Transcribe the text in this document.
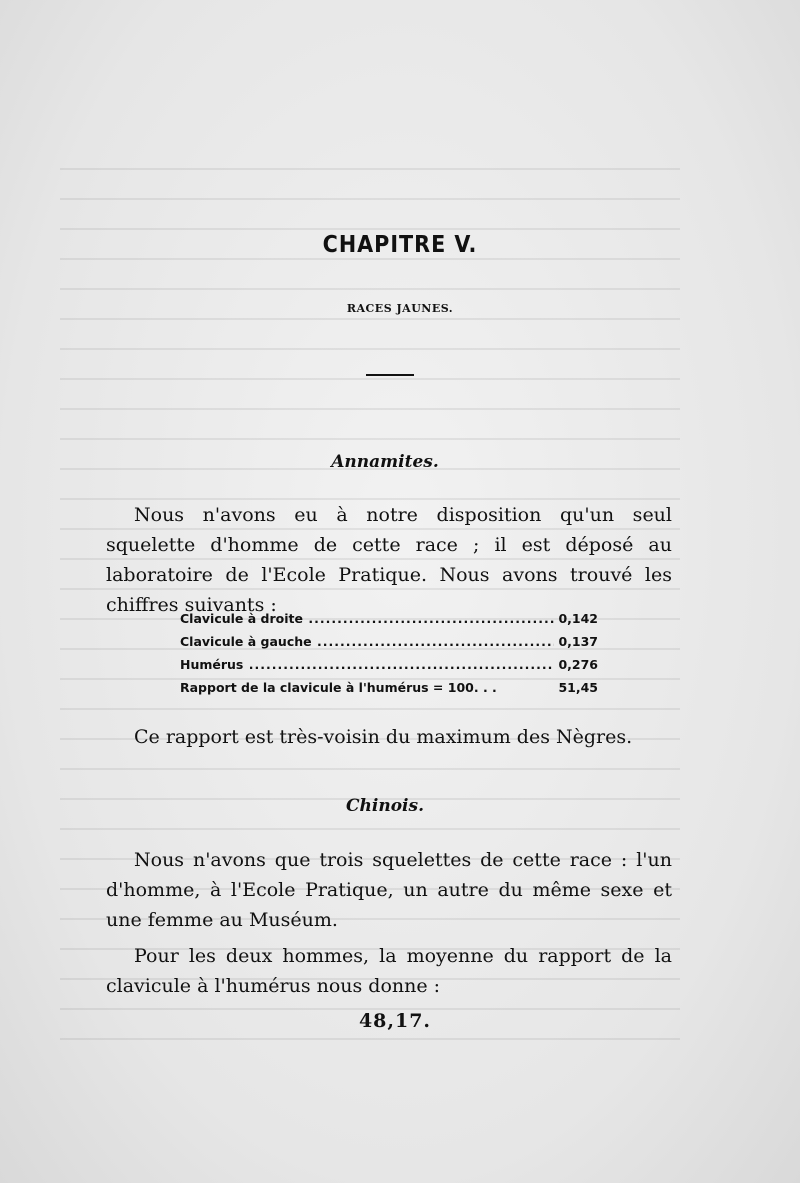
CHAPITRE V.
RACES JAUNES.
Annamites.
Nous n'avons eu à notre disposition qu'un seul squelette d'homme de cette race ; il est déposé au laboratoire de l'Ecole Pratique. Nous avons trouvé les chiffres suivants :
Clavicule à droite .....	0,142
Clavicule à gauche .....	0,137
Humérus .....	0,276
Rapport de la clavicule à l'humérus = 100. . .	51,45
Ce rapport est très-voisin du maximum des Nègres.
Chinois.
Nous n'avons que trois squelettes de cette race : l'un d'homme, à l'Ecole Pratique, un autre du même sexe et une femme au Muséum.
Pour les deux hommes, la moyenne du rapport de la clavicule à l'humérus nous donne :
48,17.
